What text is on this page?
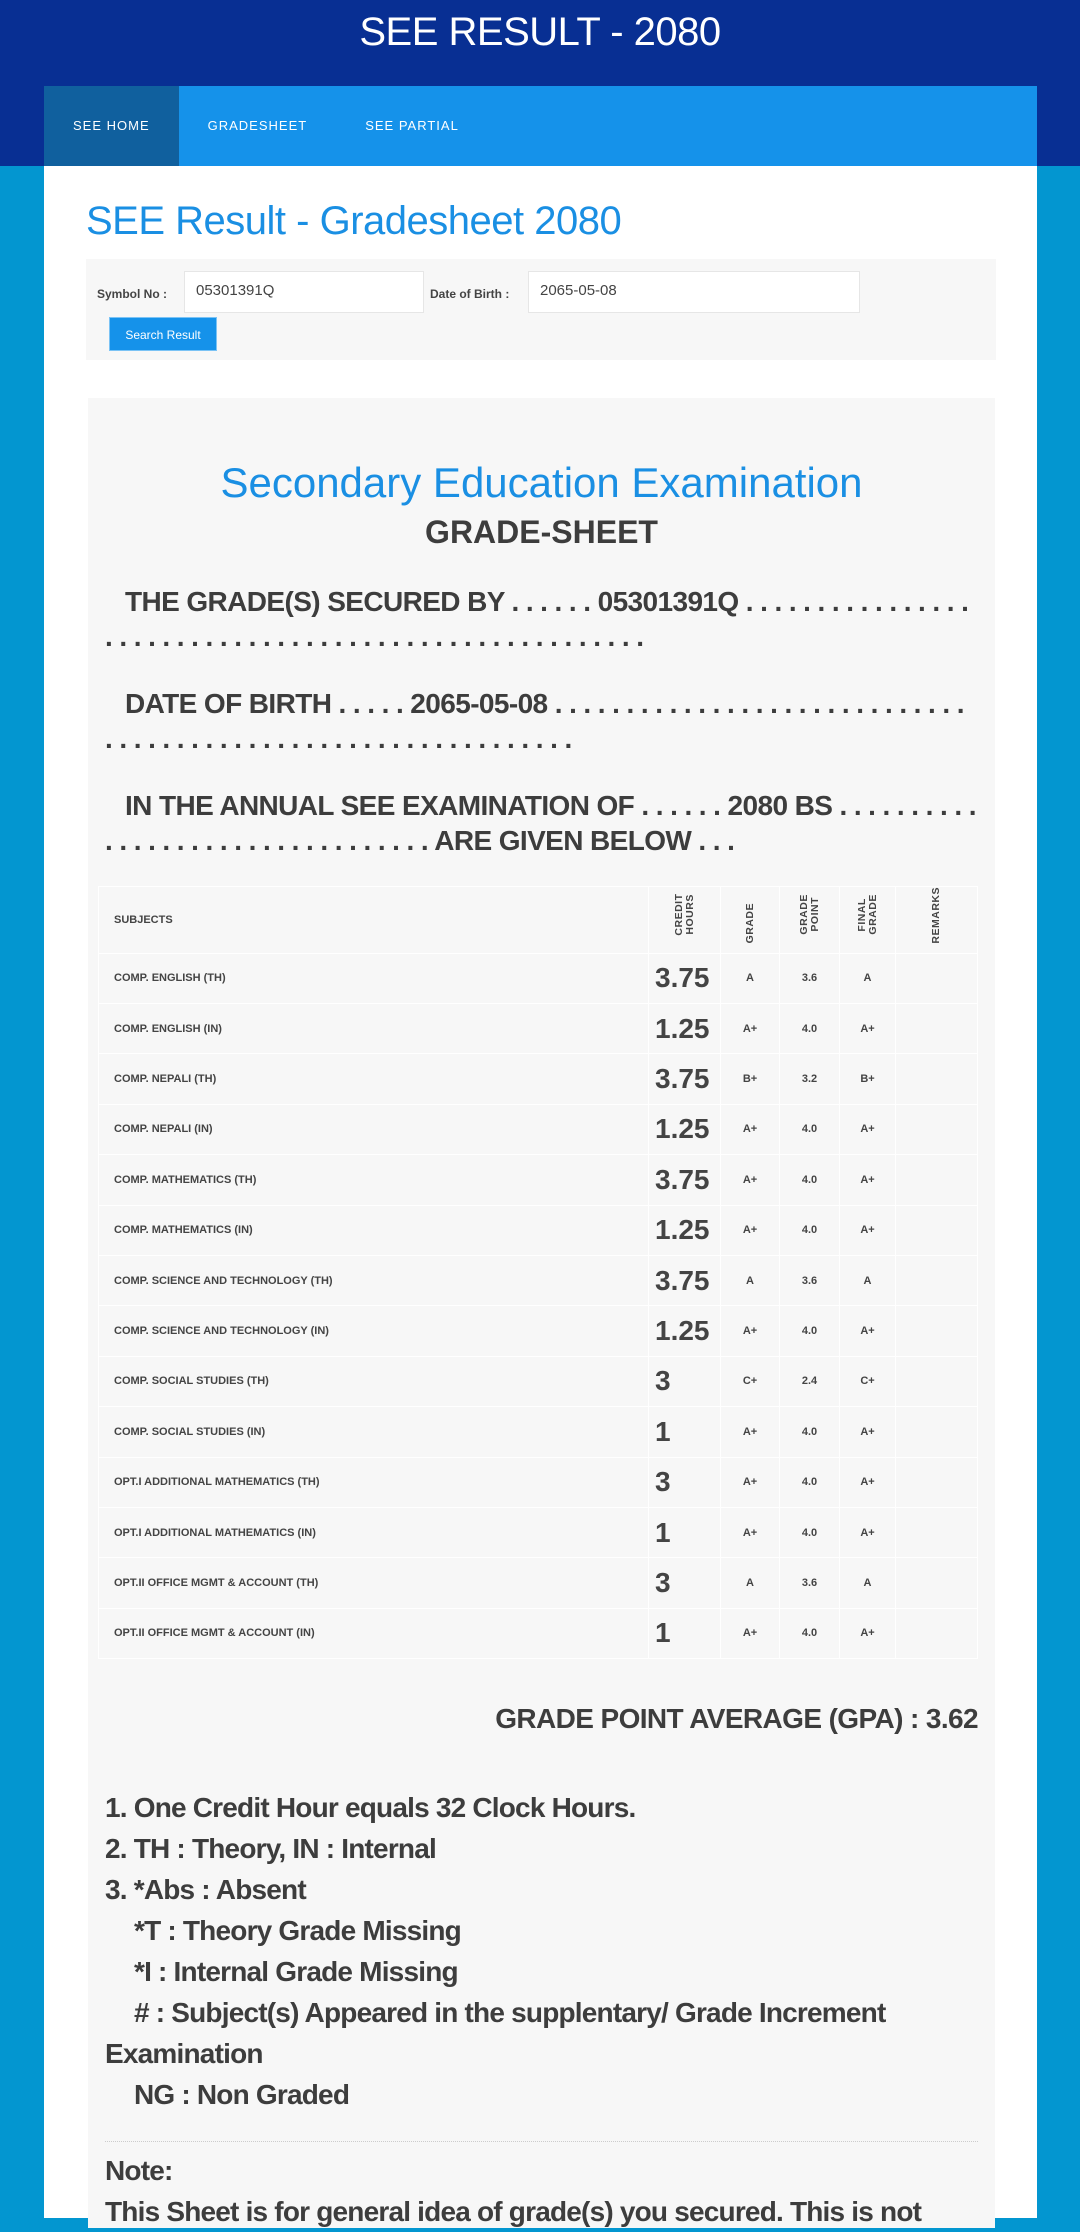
SEE RESULT - 2080
SEE HOME	GRADESHEET	SEE PARTIAL
SEE Result - Gradesheet 2080
Symbol No :	05301391Q	Date of Birth :	2065-05-08
Search Result
Secondary Education Examination
GRADE-SHEET
THE GRADE(S) SECURED BY . . . . . . 05301391Q . . . . . . . . . . . . . . . . . . . . . . . . . . . . . . . . . . . . . . . . . . . . . . . . . . . . . .
DATE OF BIRTH . . . . . 2065-05-08 . . . . . . . . . . . . . . . . . . . . . . . . . . . . . . . . . . . . . . . . . . . . . . . . . . . . . . . . . . . . . .
IN THE ANNUAL SEE EXAMINATION OF . . . . . . 2080 BS . . . . . . . . . . . . . . . . . . . . . . . . . . . . . . . . . ARE GIVEN BELOW . . .
SUBJECTS	CREDIT HOURS	GRADE	GRADE POINT	FINAL GRADE	REMARKS
COMP. ENGLISH (TH)	3.75	A	3.6	A	
COMP. ENGLISH (IN)	1.25	A+	4.0	A+	
COMP. NEPALI (TH)	3.75	B+	3.2	B+	
COMP. NEPALI (IN)	1.25	A+	4.0	A+	
COMP. MATHEMATICS (TH)	3.75	A+	4.0	A+	
COMP. MATHEMATICS (IN)	1.25	A+	4.0	A+	
COMP. SCIENCE AND TECHNOLOGY (TH)	3.75	A	3.6	A	
COMP. SCIENCE AND TECHNOLOGY (IN)	1.25	A+	4.0	A+	
COMP. SOCIAL STUDIES (TH)	3	C+	2.4	C+	
COMP. SOCIAL STUDIES (IN)	1	A+	4.0	A+	
OPT.I ADDITIONAL MATHEMATICS (TH)	3	A+	4.0	A+	
OPT.I ADDITIONAL MATHEMATICS (IN)	1	A+	4.0	A+	
OPT.II OFFICE MGMT & ACCOUNT (TH)	3	A	3.6	A	
OPT.II OFFICE MGMT & ACCOUNT (IN)	1	A+	4.0	A+	
GRADE POINT AVERAGE (GPA) : 3.62
1. One Credit Hour equals 32 Clock Hours.
2. TH : Theory, IN : Internal
3. *Abs : Absent
*T : Theory Grade Missing
*I : Internal Grade Missing
# : Subject(s) Appeared in the supplentary/ Grade Increment Examination
NG : Non Graded
Note:
This Sheet is for general idea of grade(s) you secured. This is not
